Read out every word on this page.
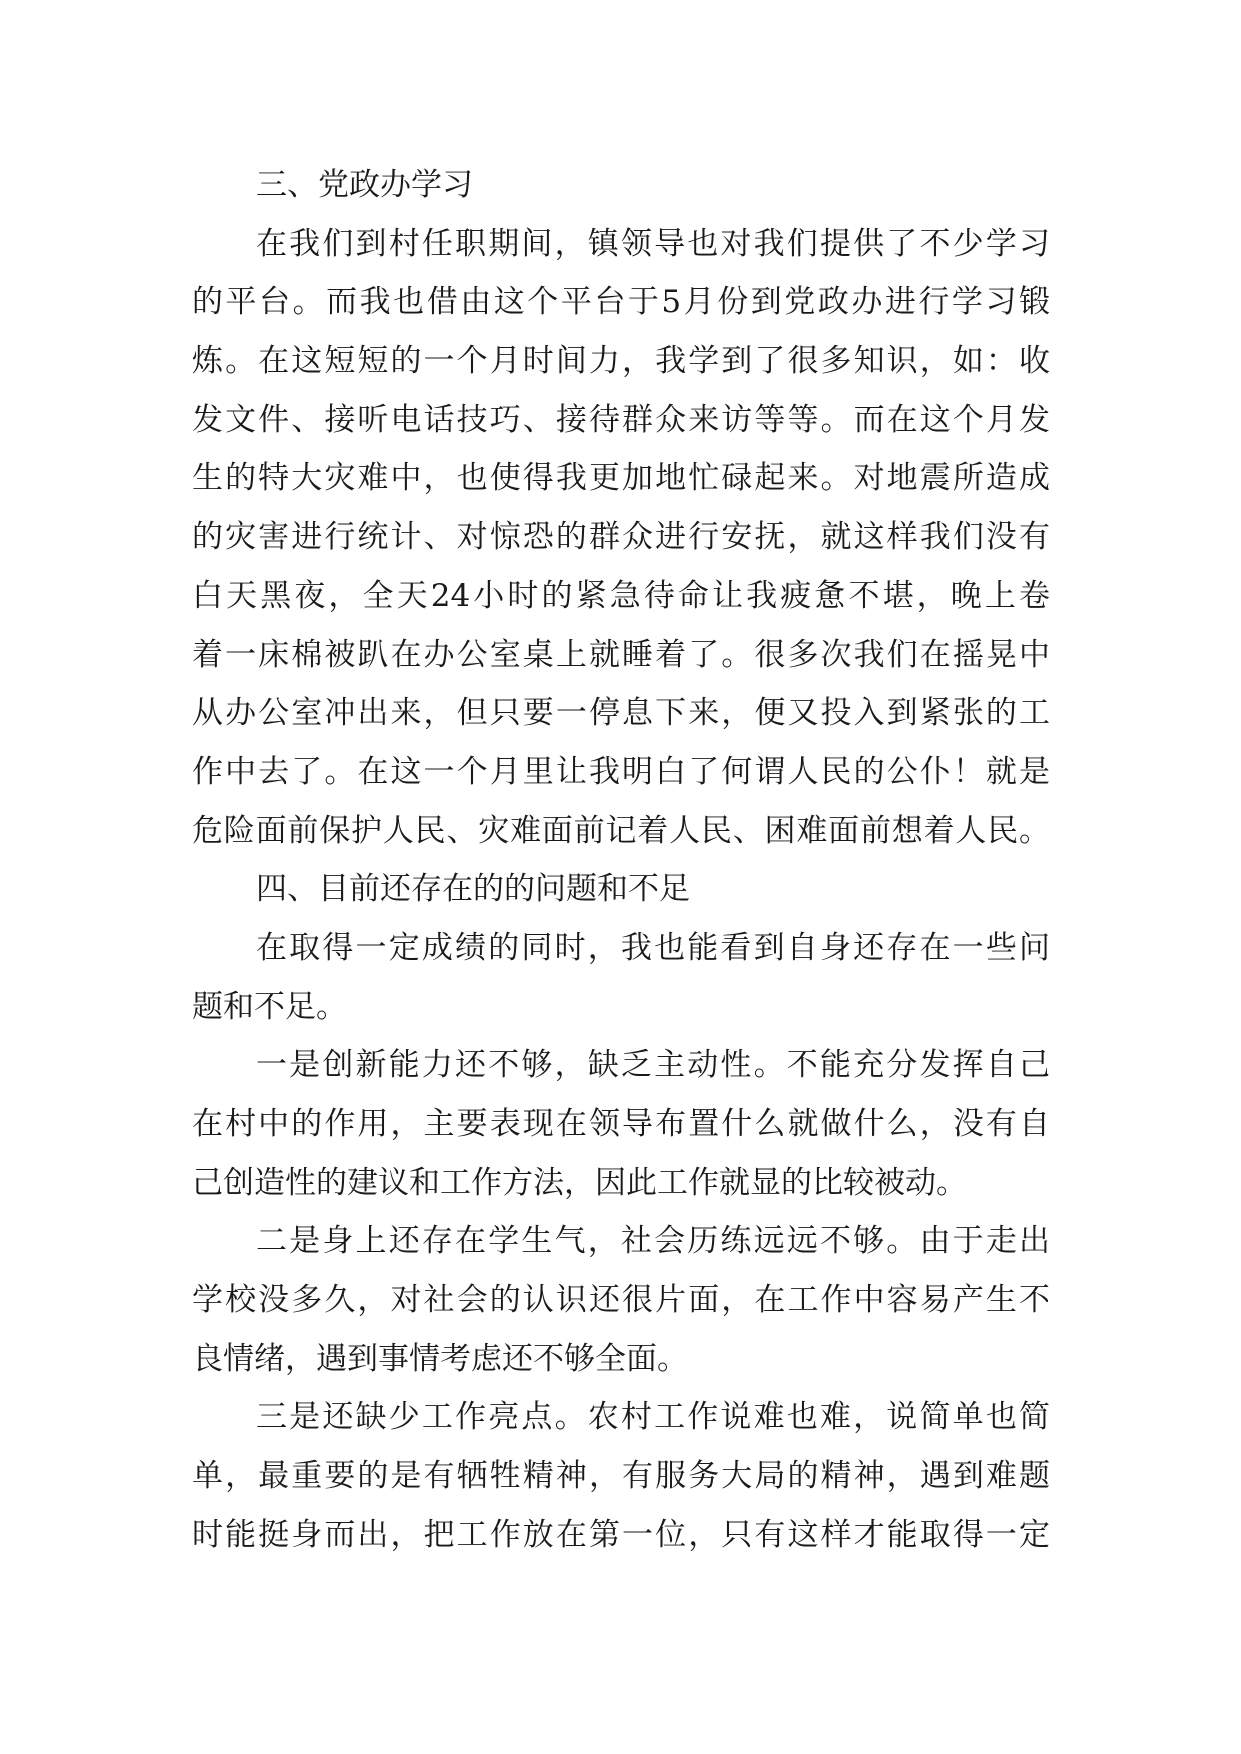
三、党政办学习
在我们到村任职期间，镇领导也对我们提供了不少学习
的平台。而我也借由这个平台于5月份到党政办进行学习锻
炼。在这短短的一个月时间力，我学到了很多知识，如：收
发文件、接听电话技巧、接待群众来访等等。而在这个月发
生的特大灾难中，也使得我更加地忙碌起来。对地震所造成
的灾害进行统计、对惊恐的群众进行安抚，就这样我们没有
白天黑夜，全天24小时的紧急待命让我疲惫不堪，晚上卷
着一床棉被趴在办公室桌上就睡着了。很多次我们在摇晃中
从办公室冲出来，但只要一停息下来，便又投入到紧张的工
作中去了。在这一个月里让我明白了何谓人民的公仆！就是
危险面前保护人民、灾难面前记着人民、困难面前想着人民。
四、目前还存在的的问题和不足
在取得一定成绩的同时，我也能看到自身还存在一些问
题和不足。
一是创新能力还不够，缺乏主动性。不能充分发挥自己
在村中的作用，主要表现在领导布置什么就做什么，没有自
己创造性的建议和工作方法，因此工作就显的比较被动。
二是身上还存在学生气，社会历练远远不够。由于走出
学校没多久，对社会的认识还很片面，在工作中容易产生不
良情绪，遇到事情考虑还不够全面。
三是还缺少工作亮点。农村工作说难也难，说简单也简
单，最重要的是有牺牲精神，有服务大局的精神，遇到难题
时能挺身而出，把工作放在第一位，只有这样才能取得一定
